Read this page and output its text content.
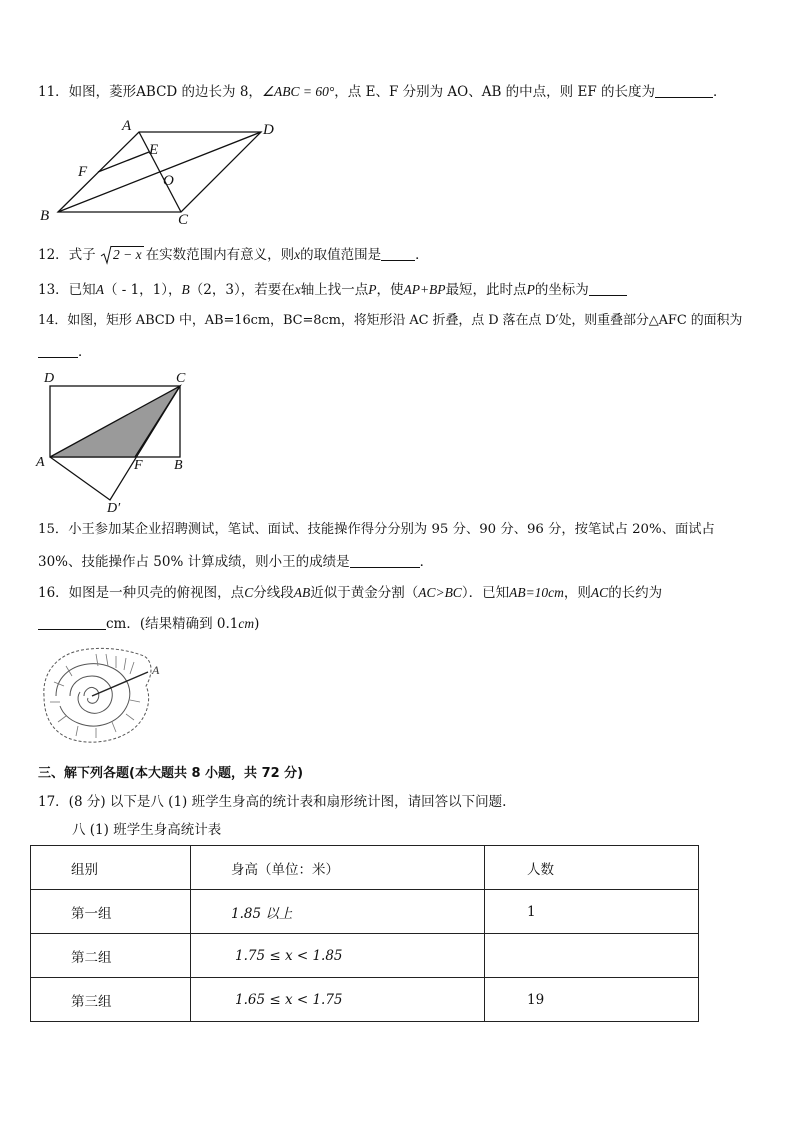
11．如图，菱形ABCD 的边长为 8，∠ABC = 60°，点 E、F 分别为 AO、AB 的中点，则 EF 的长度为	．
A	D
E
F
O
B	C
12．式子 2 − x 在实数范围内有意义，则x的取值范围是	．
13．已知A（ - 1，1），B（2，3），若要在x轴上找一点P，使AP+BP最短，此时点P的坐标为
14．如图，矩形 ABCD 中，AB=16cm，BC=8cm，将矩形沿 AC 折叠，点 D 落在点 D′处，则重叠部分△AFC 的面积为
．
D	C
A	F B
D′
15．小王参加某企业招聘测试，笔试、面试、技能操作得分分别为 95 分、90 分、96 分，按笔试占 20%、面试占
30%、技能操作占 50% 计算成绩，则小王的成绩是	．
16．如图是一种贝壳的俯视图，点C分线段AB近似于黄金分割（AC>BC）．已知AB=10cm，则AC的长约为
cm．(结果精确到 0.1cm)
A
三、解下列各题(本大题共 8 小题，共 72 分)
17．(8 分) 以下是八 (1) 班学生身高的统计表和扇形统计图，请回答以下问题.
八 (1) 班学生身高统计表
组别	身高（单位：米）	人数
第一组	1.85 以上	1
第二组	1.75 ≤ x < 1.85	
第三组	1.65 ≤ x < 1.75	19
